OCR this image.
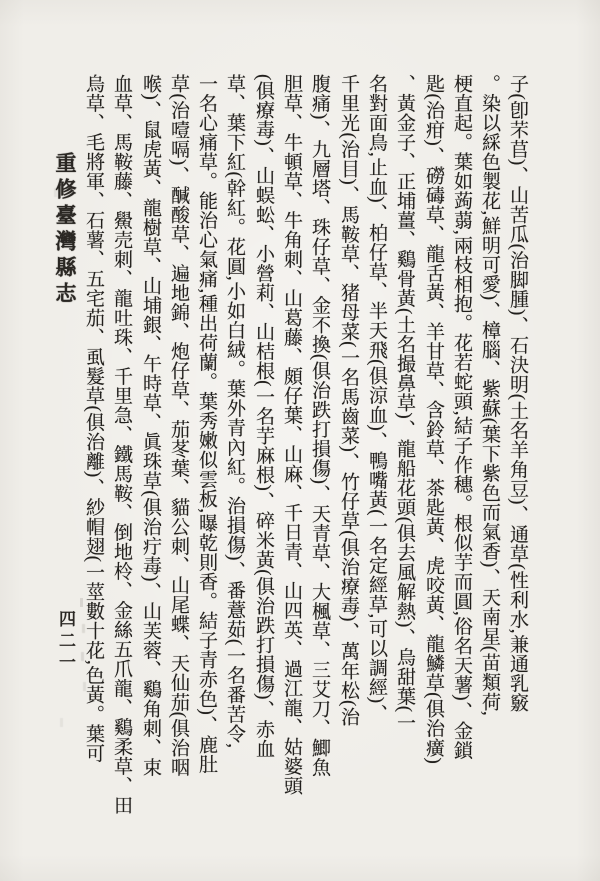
子(卽芣苢)、山苦瓜(治脚腫)、石決明(土名羊角豆)、通草(性利水,兼通乳竅
。染以綵色製花,鮮明可愛)、樟腦、紫蘇(葉下紫色而氣香)、天南星(苗類荷,
梗直起。葉如蒟蒻,兩枝相抱。花若蛇頭,結子作穗。根似芋而圓,俗名天薯)、金鎖
匙(治疳)、磱碡草、龍舌黃、羊甘草、含鈴草、茶匙黃、虎咬黃、龍鱗草(俱治癀)
、黃金子、正埔薑、鷄骨黃(土名撮鼻草)、龍船花頭(俱去風解熱)、烏甜葉(一
名對面鳥,止血)、柏仔草、半天飛(俱涼血)、鴨嘴黃(一名定經草,可以調經)、
千里光(治目)、馬鞍草、猪母菜(一名馬齒菜)、竹仔草(俱治療毒)、萬年松(治
腹痛)、九層塔、珠仔草、金不換(俱治跌打損傷)、天青草、大楓草、三艾刀、鯽魚
胆草、牛頓草、牛角刺、山葛藤、頗仔葉、山麻、千日青、山四英、過江龍、姑婆頭
(俱療毒)、山蜈蚣、小營莉、山桔根(一名芋麻根)、碎米黃(俱治跌打損傷)、赤血
草、葉下紅(幹紅。花圓,小如白絨。葉外青內紅。治損傷)、番薏茹(一名番苦令,
一名心痛草。能治心氣痛,種出荷蘭。葉秀嫩似雲板,曝乾則香。結子青赤色)、鹿肚
草(治噎嗝)、醎酸草、遍地錦、炮仔草、茄苳葉、貓公刺、山尾蝶、天仙茄(俱治咽
喉)、鼠虎黃、龍樹草、山埔銀、午時草、眞珠草(俱治疔毒)、山芙蓉、鷄角刺、束
血草、馬鞍藤、鱟売刺、龍吐珠、千里急、鐵馬鞍、倒地柃、金絲五爪龍、鷄柔草、田
烏草、毛將軍、石薯、五宅茄、虱髮草(俱治離)、紗帽翅(一莖數十花,色黃。葉可
重修臺灣縣志
四二一
